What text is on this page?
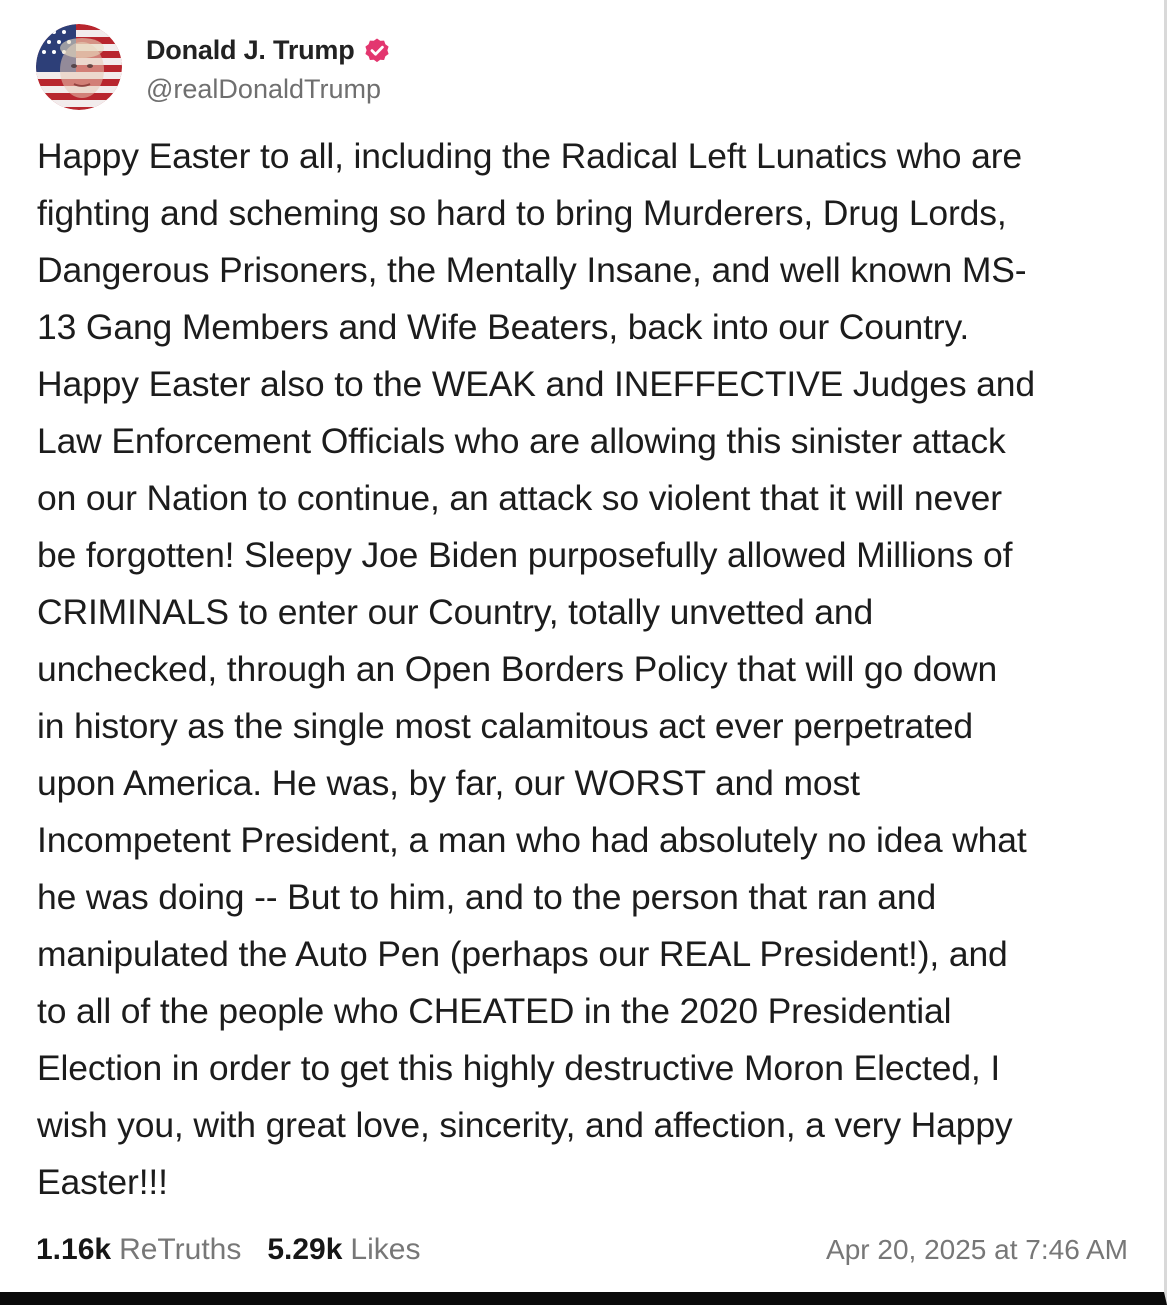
Donald J. Trump
@realDonaldTrump
Happy Easter to all, including the Radical Left Lunatics who are
fighting and scheming so hard to bring Murderers, Drug Lords,
Dangerous Prisoners, the Mentally Insane, and well known MS-
13 Gang Members and Wife Beaters, back into our Country.
Happy Easter also to the WEAK and INEFFECTIVE Judges and
Law Enforcement Officials who are allowing this sinister attack
on our Nation to continue, an attack so violent that it will never
be forgotten! Sleepy Joe Biden purposefully allowed Millions of
CRIMINALS to enter our Country, totally unvetted and
unchecked, through an Open Borders Policy that will go down
in history as the single most calamitous act ever perpetrated
upon America. He was, by far, our WORST and most
Incompetent President, a man who had absolutely no idea what
he was doing -- But to him, and to the person that ran and
manipulated the Auto Pen (perhaps our REAL President!), and
to all of the people who CHEATED in the 2020 Presidential
Election in order to get this highly destructive Moron Elected, I
wish you, with great love, sincerity, and affection, a very Happy
Easter!!!
1.16k ReTruths 5.29k Likes	Apr 20, 2025 at 7:46 AM
